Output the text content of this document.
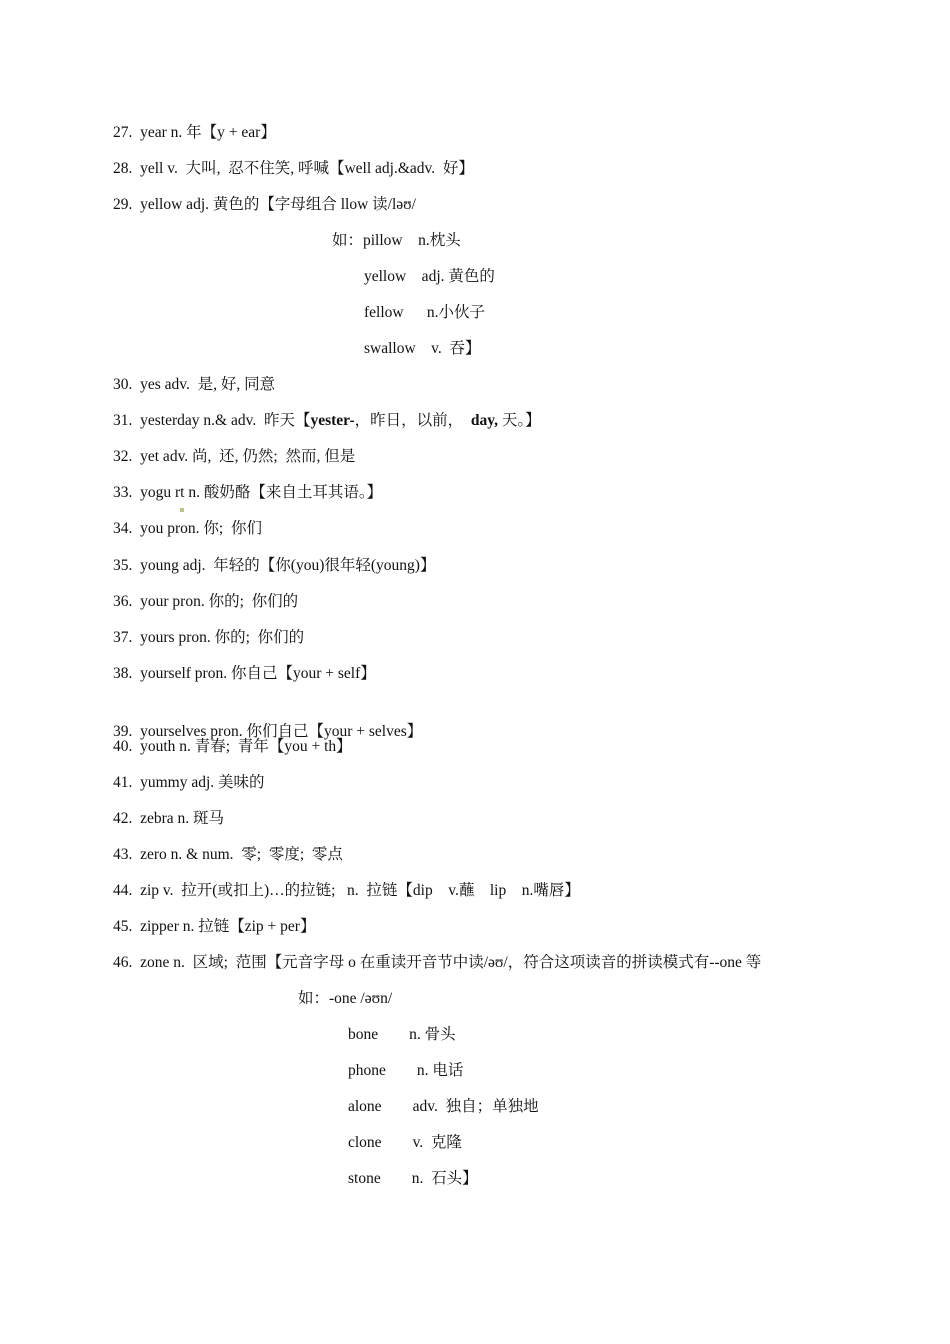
27.  year n. 年【y + ear】
28.  yell v.  大叫,  忍不住笑, 呼喊【well adj.&adv.  好】
29.  yellow adj. 黄色的【字母组合 llow 读/ləʊ/
如：pillow    n.枕头
yellow    adj. 黄色的
fellow      n.小伙子
swallow    v.  吞】
30.  yes adv.  是, 好, 同意
31.  yesterday n.& adv.  昨天【yester-，昨日，以前，  day, 天。】
32.  yet adv. 尚,  还, 仍然;  然而, 但是
33.  yogu rt n. 酸奶酪【来自土耳其语。】
34.  you pron. 你;  你们
35.  young adj.  年轻的【你(you)很年轻(young)】
36.  your pron. 你的;  你们的
37.  yours pron. 你的;  你们的
38.  yourself pron. 你自己【your + self】
39.  yourselves pron. 你们自己【your + selves】
40.  youth n. 青春;  青年【you + th】
41.  yummy adj. 美味的
42.  zebra n. 斑马
43.  zero n. & num.  零;  零度;  零点
44.  zip v.  拉开(或扣上)…的拉链;   n.  拉链【dip    v.蘸    lip    n.嘴唇】
45.  zipper n. 拉链【zip + per】
46.  zone n.  区域;  范围【元音字母 o 在重读开音节中读/əʊ/，符合这项读音的拼读模式有--one 等
如：-one /əʊn/
bone        n. 骨头
phone        n. 电话
alone        adv.  独自；单独地
clone        v.  克隆
stone        n.  石头】
